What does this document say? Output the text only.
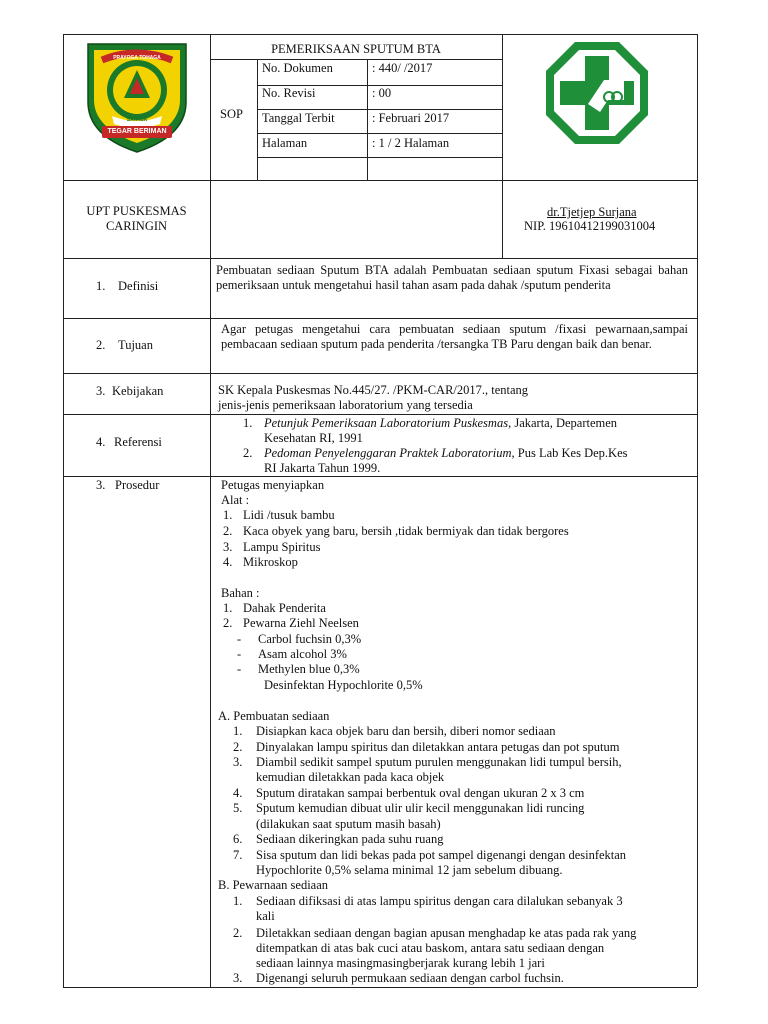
TEGAR BERIMAN
PRAYOGA TOHAGA
SAYAGA
PEMERIKSAAN SPUTUM BTA
SOP
No. Dokumen	: 440/ /2017
No. Revisi	: 00
Tanggal Terbit	: Februari 2017
Halaman	: 1 / 2 Halaman
UPT PUSKESMAS
CARINGIN
dr.Tjetjep Surjana
NIP. 19610412199031004
1. Definisi
Pembuatan sediaan Sputum BTA adalah Pembuatan sediaan sputum Fixasi sebagai bahan pemeriksaan untuk mengetahui hasil tahan asam pada dahak /sputum penderita
2. Tujuan
Agar petugas mengetahui cara pembuatan sediaan sputum /fixasi pewarnaan,sampai pembacaan sediaan sputum pada penderita /tersangka TB Paru dengan baik dan benar.
3. Kebijakan	SK Kepala Puskesmas No.445/27. /PKM-CAR/2017., tentang
jenis-jenis pemeriksaan laboratorium yang tersedia
4. Referensi
1. Petunjuk Pemeriksaan Laboratorium Puskesmas, Jakarta, Departemen
Kesehatan RI, 1991
2. Pedoman Penyelenggaran Praktek Laboratorium, Pus Lab Kes Dep.Kes
RI Jakarta Tahun 1999.
3. Prosedur	Petugas menyiapkan
Alat :
1. Lidi /tusuk bambu
2. Kaca obyek yang baru, bersih ,tidak bermiyak dan tidak bergores
3. Lampu Spiritus
4. Mikroskop
Bahan :
1. Dahak Penderita
2. Pewarna Ziehl Neelsen
- Carbol fuchsin 0,3%
- Asam alcohol 3%
- Methylen blue 0,3%
Desinfektan Hypochlorite 0,5%
A. Pembuatan sediaan
1. Disiapkan kaca objek baru dan bersih, diberi nomor sediaan
2. Dinyalakan lampu spiritus dan diletakkan antara petugas dan pot sputum
3. Diambil sedikit sampel sputum purulen menggunakan lidi tumpul bersih,
kemudian diletakkan pada kaca objek
4. Sputum diratakan sampai berbentuk oval dengan ukuran 2 x 3 cm
5. Sputum kemudian dibuat ulir ulir kecil menggunakan lidi runcing
(dilakukan saat sputum masih basah)
6. Sediaan dikeringkan pada suhu ruang
7. Sisa sputum dan lidi bekas pada pot sampel digenangi dengan desinfektan
Hypochlorite 0,5% selama minimal 12 jam sebelum dibuang.
B. Pewarnaan sediaan
1. Sediaan difiksasi di atas lampu spiritus dengan cara dilalukan sebanyak 3
kali
2. Diletakkan sediaan dengan bagian apusan menghadap ke atas pada rak yang
ditempatkan di atas bak cuci atau baskom, antara satu sediaan dengan
sediaan lainnya masingmasingberjarak kurang lebih 1 jari
3. Digenangi seluruh permukaan sediaan dengan carbol fuchsin.
